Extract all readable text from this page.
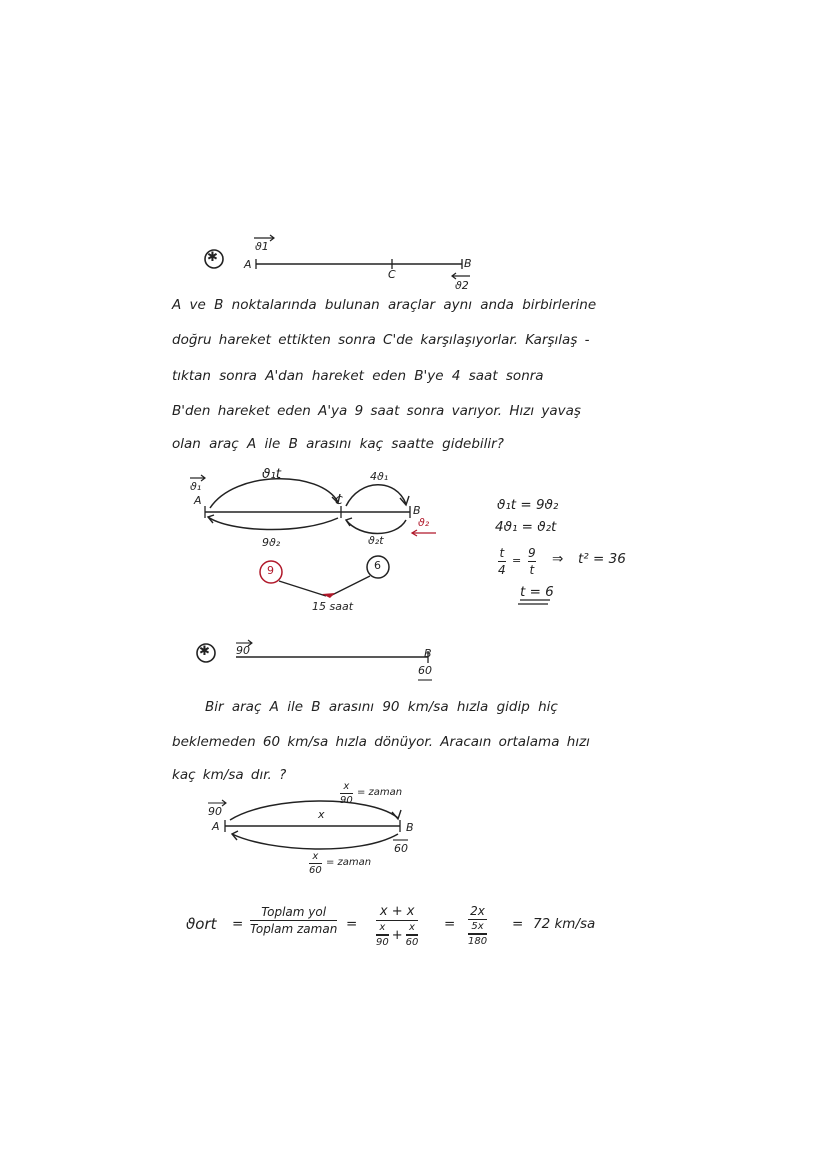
✱
ϑ1
A
C
B
ϑ2
A ve B noktalarında bulunan araçlar aynı anda birbirlerine
doğru hareket ettikten sonra C'de karşılaşıyorlar. Karşılaş -
tıktan sonra A'dan hareket eden B'ye 4 saat sonra
B'den hareket eden A'ya 9 saat sonra varıyor. Hızı yavaş
olan araç A ile B arasını kaç saatte gidebilir?
ϑ₁
A	C
B
ϑ₁t	4ϑ₁
9ϑ₂	ϑ₂t
ϑ₂
9	6
15 saat
ϑ₁t = 9ϑ₂
4ϑ₁ = ϑ₂t
t
4
=
9
t
⇒ t² = 36
t = 6
✱ 90	B
60
Bir araç A ile B arasını 90 km/sa hızla gidip hiç
beklemeden 60 km/sa hızla dönüyor. Aracaın ortalama hızı
kaç km/sa dır. ?
x
90
= zaman
90
A
x
B
60
x
60
= zaman
ϑort =
Toplam yol
Toplam zaman =
x + x
$\frac{x}{90} + \frac{x}{60}$ =
2x
$\frac{5x}{180} = 72$ km/sa
